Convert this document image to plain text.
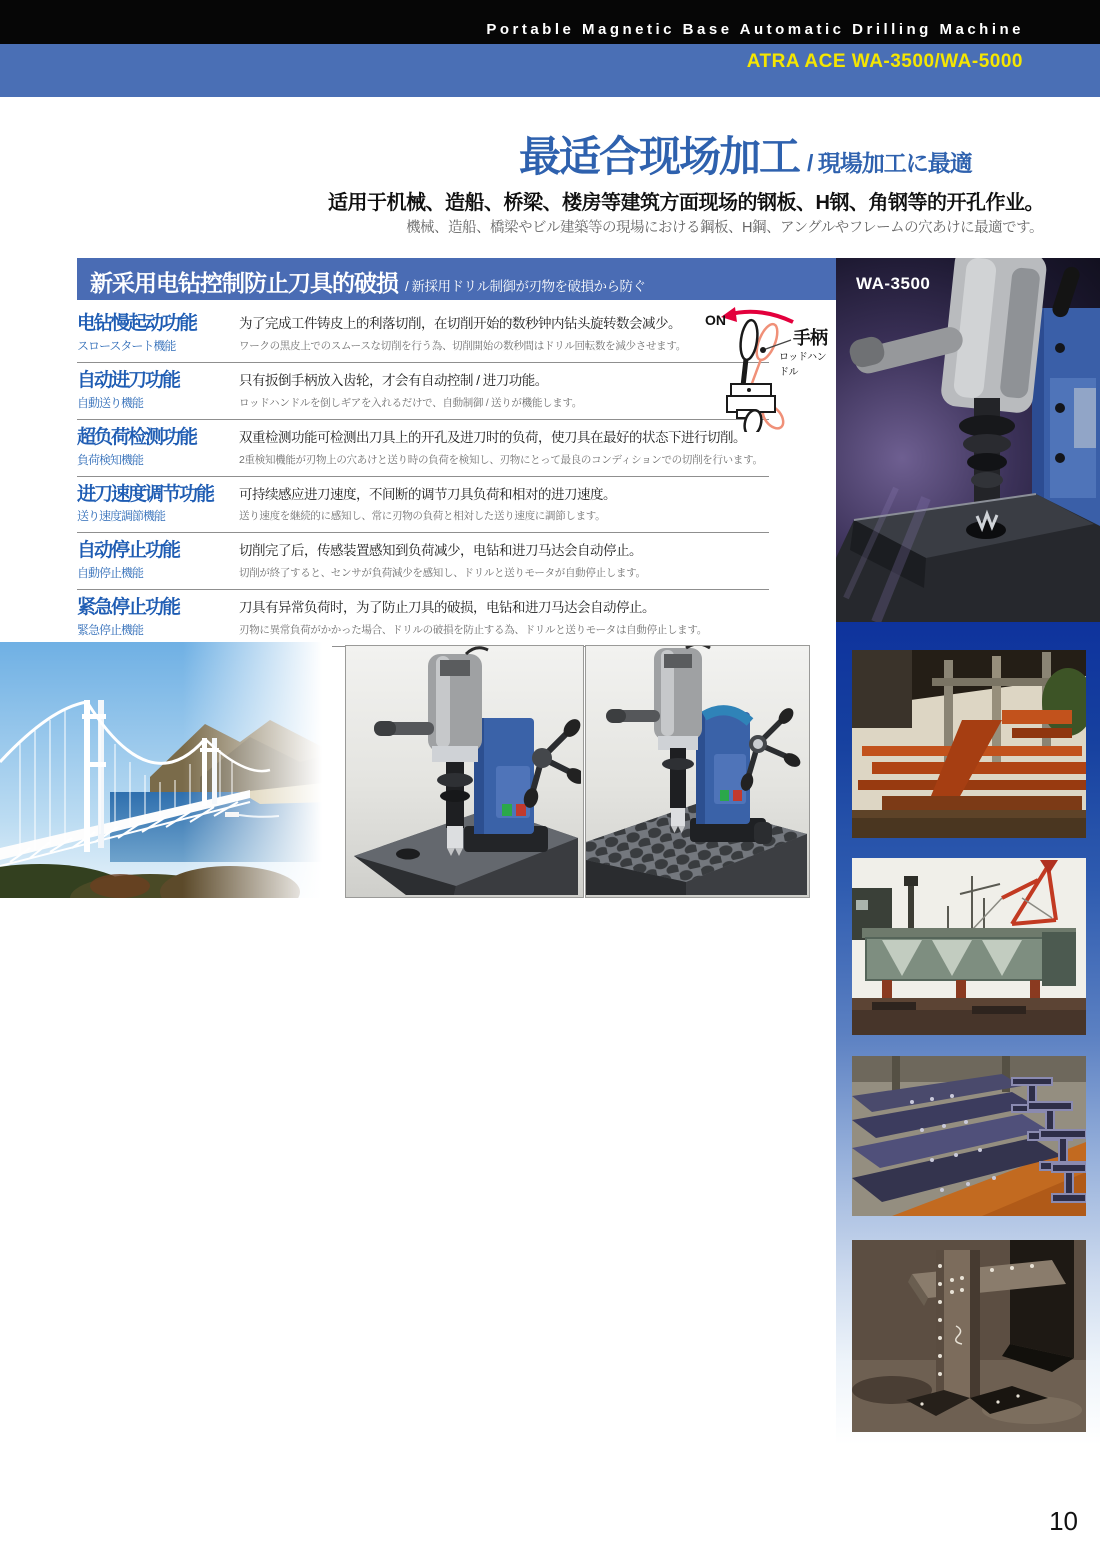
Portable Magnetic Base Automatic Drilling Machine
ATRA ACE WA-3500/WA-5000
最适合现场加工 / 現場加工に最適
适用于机械、造船、桥梁、楼房等建筑方面现场的钢板、H钢、角钢等的开孔作业。
機械、造船、橋梁やビル建築等の現場における鋼板、H鋼、アングルやフレームの穴あけに最適です。
新采用电钻控制防止刀具的破损 / 新採用ドリル制御が刃物を破損から防ぐ
电钻慢起动功能
スロースタート機能
为了完成工件铸皮上的利落切削，在切削开始的数秒钟内钻头旋转数会减少。
ワークの黒皮上でのスムースな切削を行う為、切削開始の数秒間はドリル回転数を減少させます。
自动进刀功能
自動送り機能
只有扳倒手柄放入齿轮，才会有自动控制 / 进刀功能。
ロッドハンドルを倒しギアを入れるだけで、自動制御 / 送りが機能します。
超负荷检测功能
負荷検知機能
双重检测功能可检测出刀具上的开孔及进刀时的负荷，使刀具在最好的状态下进行切削。
2重検知機能が刃物上の穴あけと送り時の負荷を検知し、刃物にとって最良のコンディションでの切削を行います。
进刀速度调节功能
送り速度調節機能
可持续感应进刀速度，不间断的调节刀具负荷和相对的进刀速度。
送り速度を継続的に感知し、常に刃物の負荷と相対した送り速度に調節します。
自动停止功能
自動停止機能
切削完了后，传感装置感知到负荷减少，电钻和进刀马达会自动停止。
切削が終了すると、センサが負荷減少を感知し、ドリルと送りモータが自動停止します。
紧急停止功能
緊急停止機能
刀具有异常负荷时，为了防止刀具的破损，电钻和进刀马达会自动停止。
刃物に異常負荷がかかった場合、ドリルの破損を防止する為、ドリルと送りモータは自動停止します。
ON
手柄
ロッドハンドル
WA-3500
10
